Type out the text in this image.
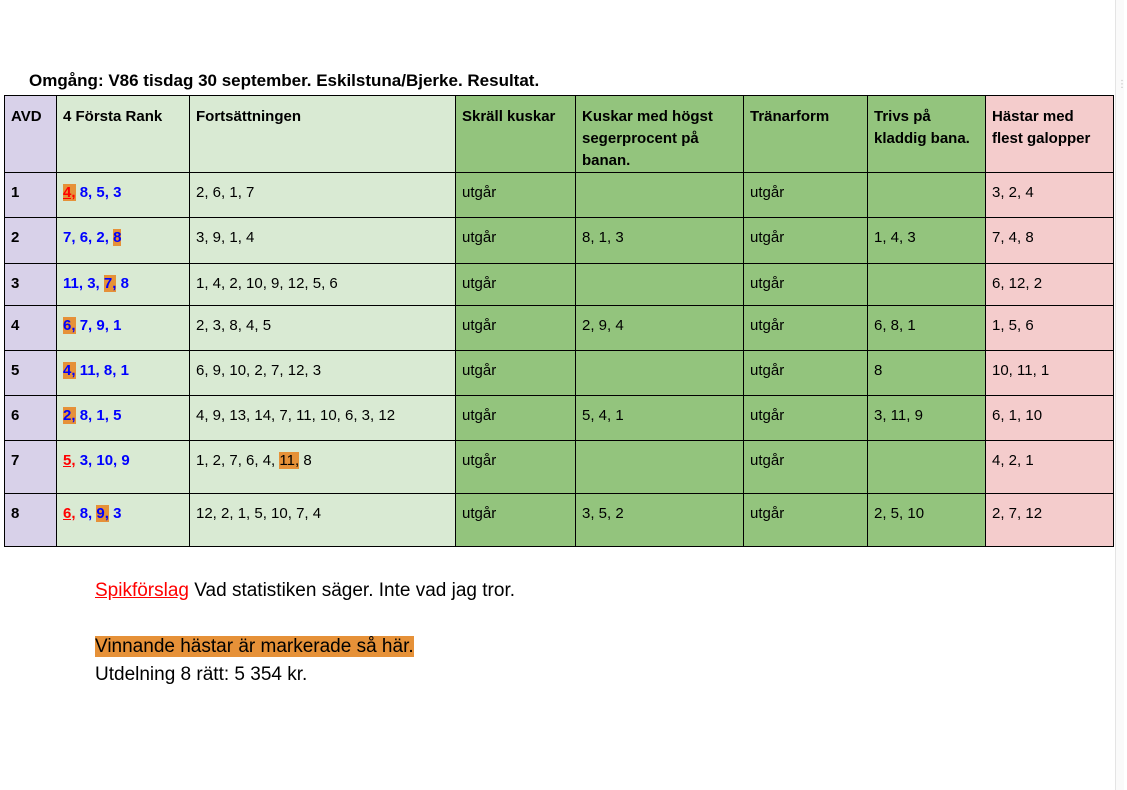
⋮
Omgång: V86 tisdag 30 september. Eskilstuna/Bjerke. Resultat.
AVD	4 Första Rank	Fortsättningen	Skräll kuskar	Kuskar med högst segerprocent på banan.	Tränarform	Trivs på kladdig bana.	Hästar med flest galopper
1	4, 8, 5, 3	2, 6, 1, 7	utgår		utgår		3, 2, 4
2	7, 6, 2, 8	3, 9, 1, 4	utgår	8, 1, 3	utgår	1, 4, 3	7, 4, 8
3	11, 3, 7, 8	1, 4, 2, 10, 9, 12, 5, 6	utgår		utgår		6, 12, 2
4	6, 7, 9, 1	2, 3, 8, 4, 5	utgår	2, 9, 4	utgår	6, 8, 1	1, 5, 6
5	4, 11, 8, 1	6, 9, 10, 2, 7, 12, 3	utgår		utgår	8	10, 11, 1
6	2, 8, 1, 5	4, 9, 13, 14, 7, 11, 10, 6, 3, 12	utgår	5, 4, 1	utgår	3, 11, 9	6, 1, 10
7	5, 3, 10, 9	1, 2, 7, 6, 4, 11, 8	utgår		utgår		4, 2, 1
8	6, 8, 9, 3	12, 2, 1, 5, 10, 7, 4	utgår	3, 5, 2	utgår	2, 5, 10	2, 7, 12
Spikförslag Vad statistiken säger. Inte vad jag tror.
Vinnande hästar är markerade så här.
Utdelning 8 rätt: 5 354 kr.
